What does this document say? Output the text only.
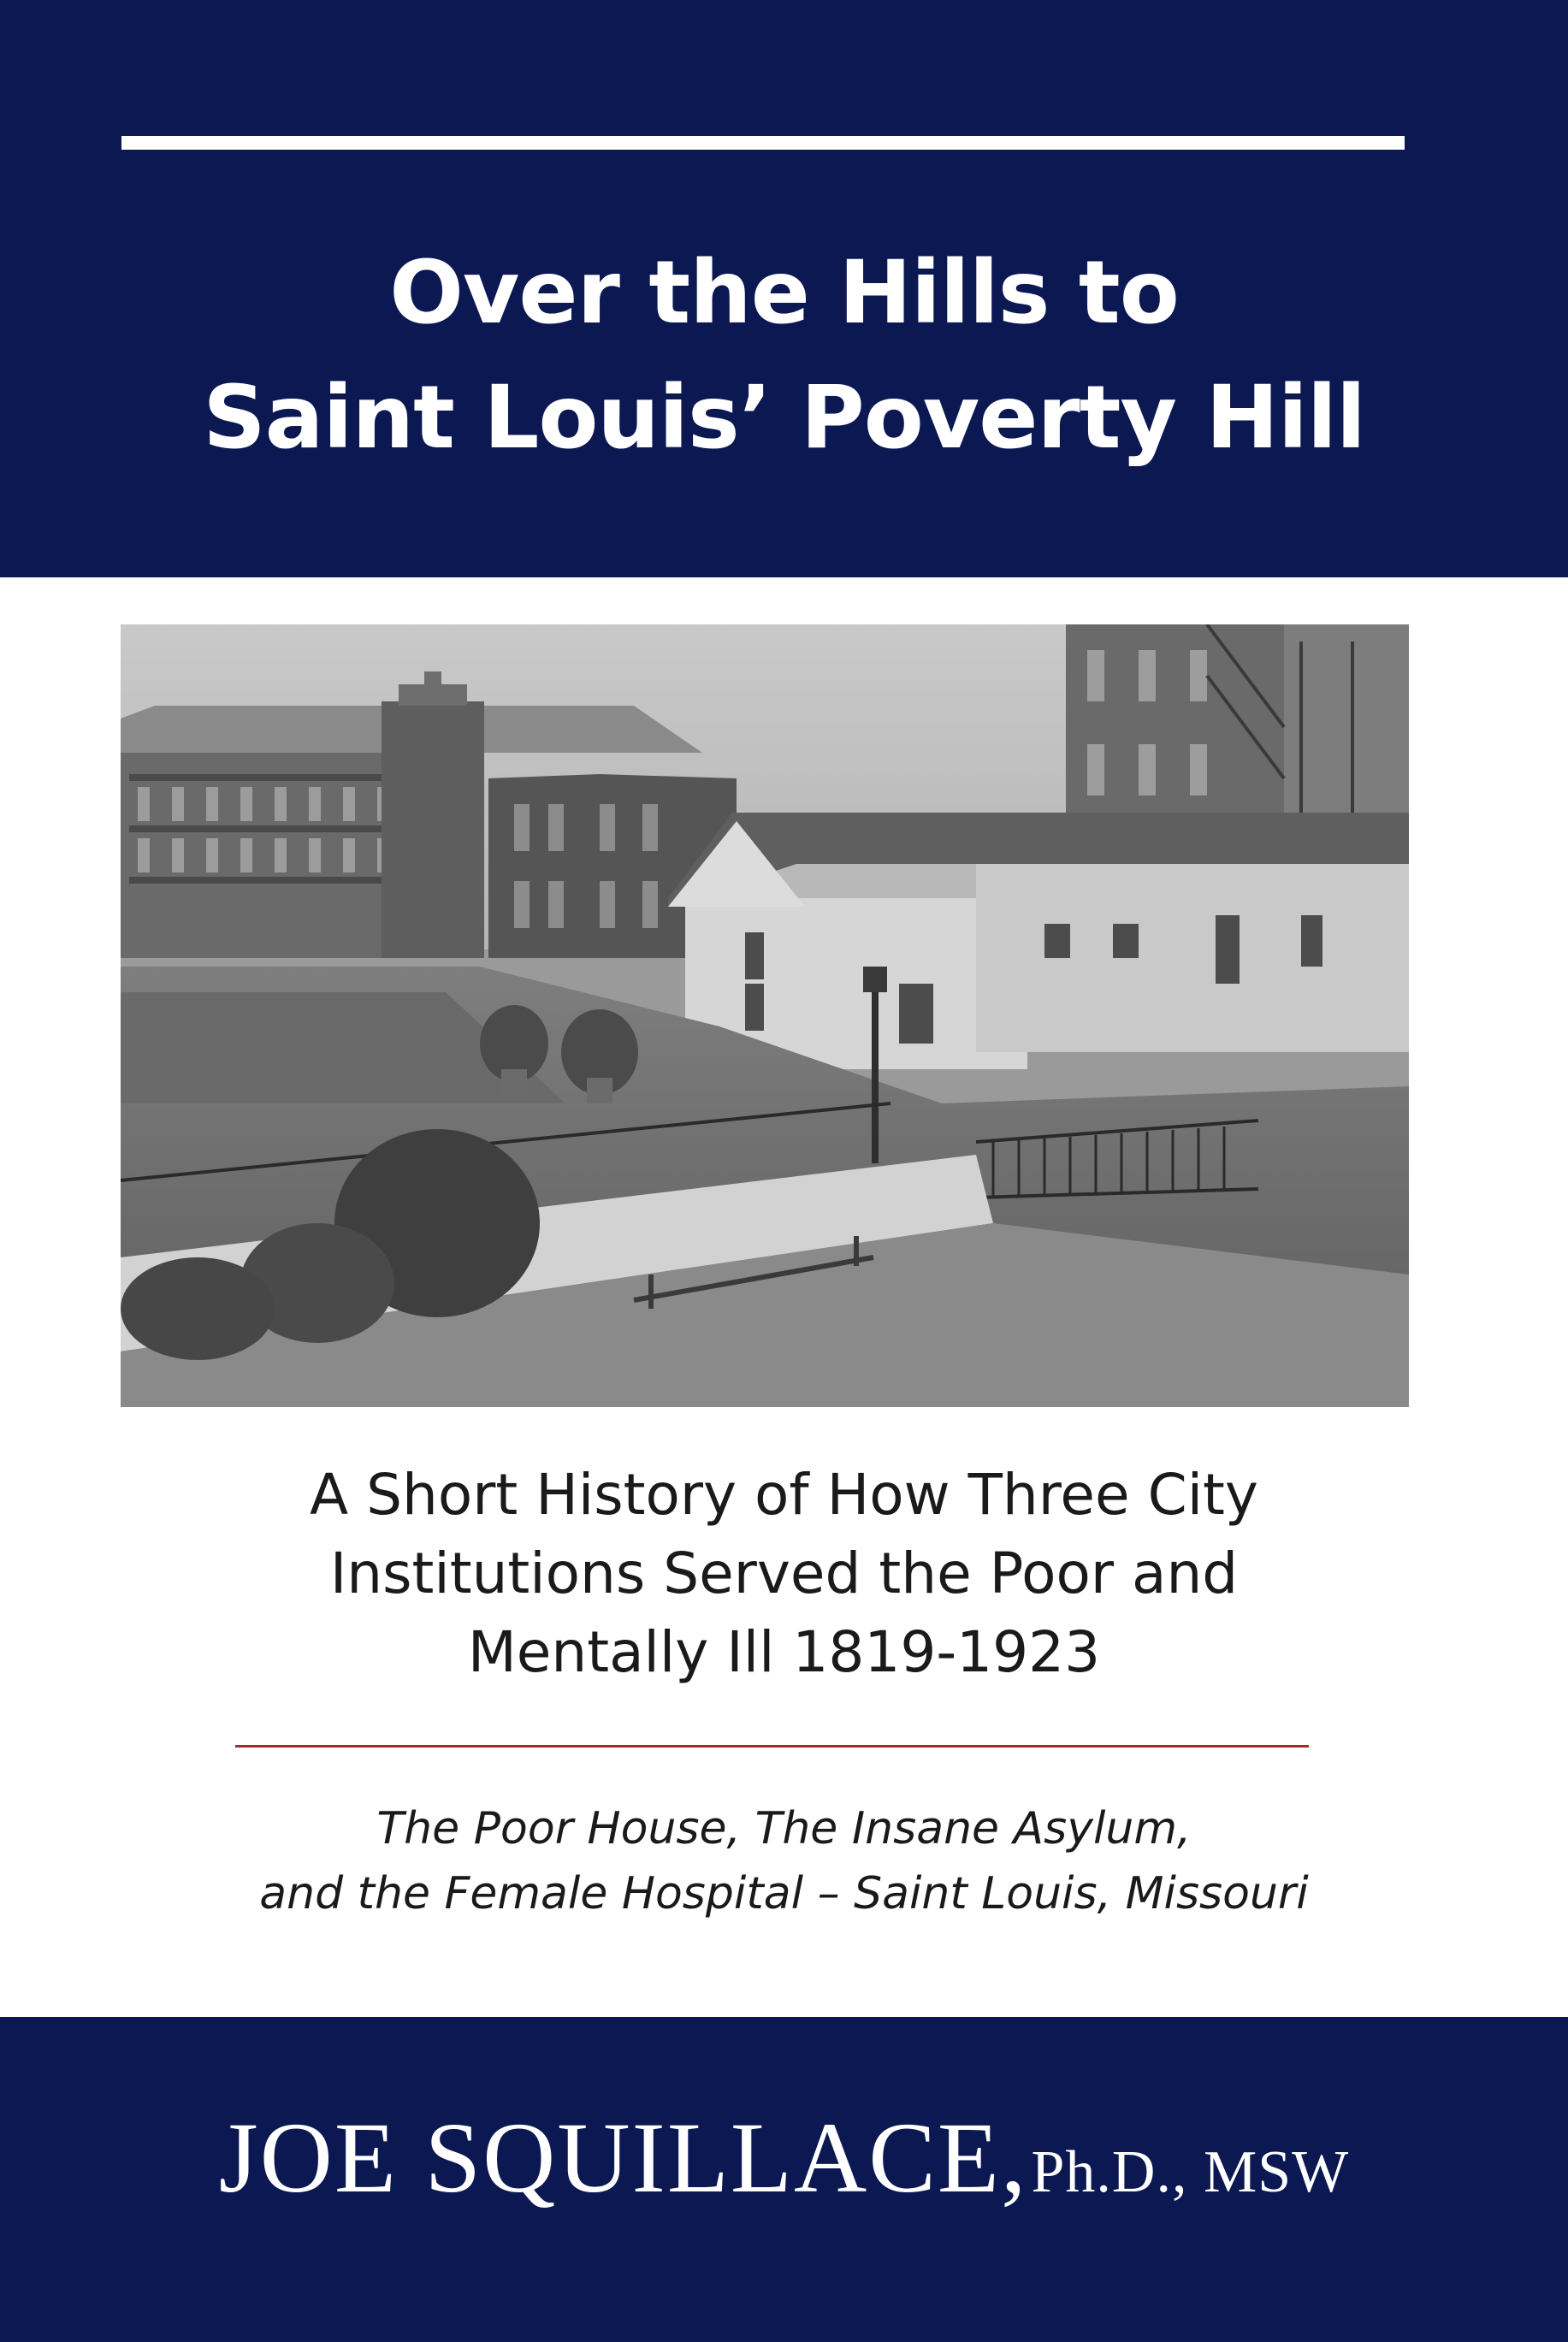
Over the Hills to
Saint Louis’ Poverty Hill
A Short History of How Three City
Institutions Served the Poor and
Mentally Ill 1819-1923
The Poor House, The Insane Asylum,
and the Female Hospital – Saint Louis, Missouri
JOE SQUILLACE, Ph.D., MSW
